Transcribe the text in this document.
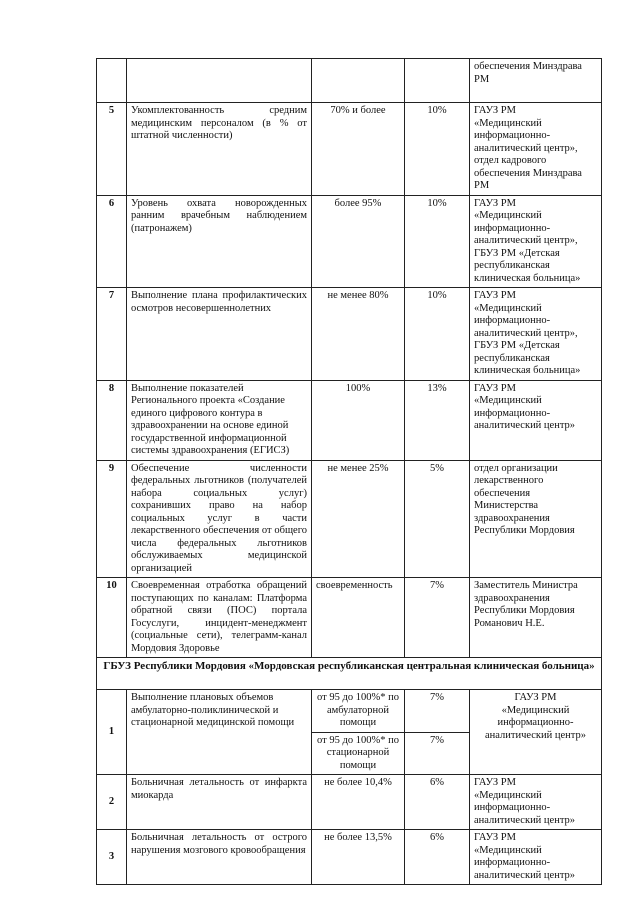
				обеспечения Минздрава
РМ
5	Укомплектованность средним медицинским персоналом (в % от штатной численности)	70% и более	10%	ГАУЗ РМ
«Медицинский информационно-аналитический центр»,
отдел кадрового обеспечения Минздрава
РМ
6	Уровень охвата новорожденных ранним врачебным наблюдением (патронажем)	более 95%	10%	ГАУЗ РМ
«Медицинский информационно-аналитический центр»,
ГБУЗ РМ «Детская республиканская клиническая больница»
7	Выполнение плана профилактических осмотров несовершеннолетних	не менее 80%	10%	ГАУЗ РМ
«Медицинский информационно-аналитический центр»,
ГБУЗ РМ «Детская республиканская клиническая больница»
8	Выполнение показателей Регионального проекта «Создание единого цифрового контура в здравоохранении на основе единой государственной информационной системы здравоохранения (ЕГИСЗ)	100%	13%	ГАУЗ РМ
«Медицинский информационно-аналитический центр»
9	Обеспечение численности федеральных льготников (получателей набора социальных услуг) сохранивших право на набор социальных услуг в части лекарственного обеспечения от общего числа федеральных льготников обслуживаемых медицинской организацией	не менее 25%	5%	отдел организации лекарственного обеспечения
Министерства здравоохранения Республики Мордовия
10	Своевременная отработка обращений поступающих по каналам: Платформа обратной связи (ПОС) портала Госуслуги, инцидент-менеджмент (социальные сети), телеграмм-канал Мордовия Здоровье	своевременность	7%	Заместитель Министра здравоохранения Республики Мордовия Романович Н.Е.
ГБУЗ Республики Мордовия «Мордовская республиканская центральная клиническая больница»				
1	Выполнение плановых объемов амбулаторно-поликлинической и стационарной медицинской помощи	от 95 до 100%* по амбулаторной помощи	7%	ГАУЗ РМ
«Медицинский информационно-аналитический центр»
		от 95 до 100%* по стационарной помощи	7%	
2	Больничная летальность от инфаркта миокарда	не более 10,4%	6%	ГАУЗ РМ
«Медицинский информационно-аналитический центр»
3	Больничная летальность от острого нарушения мозгового кровообращения	не более 13,5%	6%	ГАУЗ РМ
«Медицинский информационно-аналитический центр»
